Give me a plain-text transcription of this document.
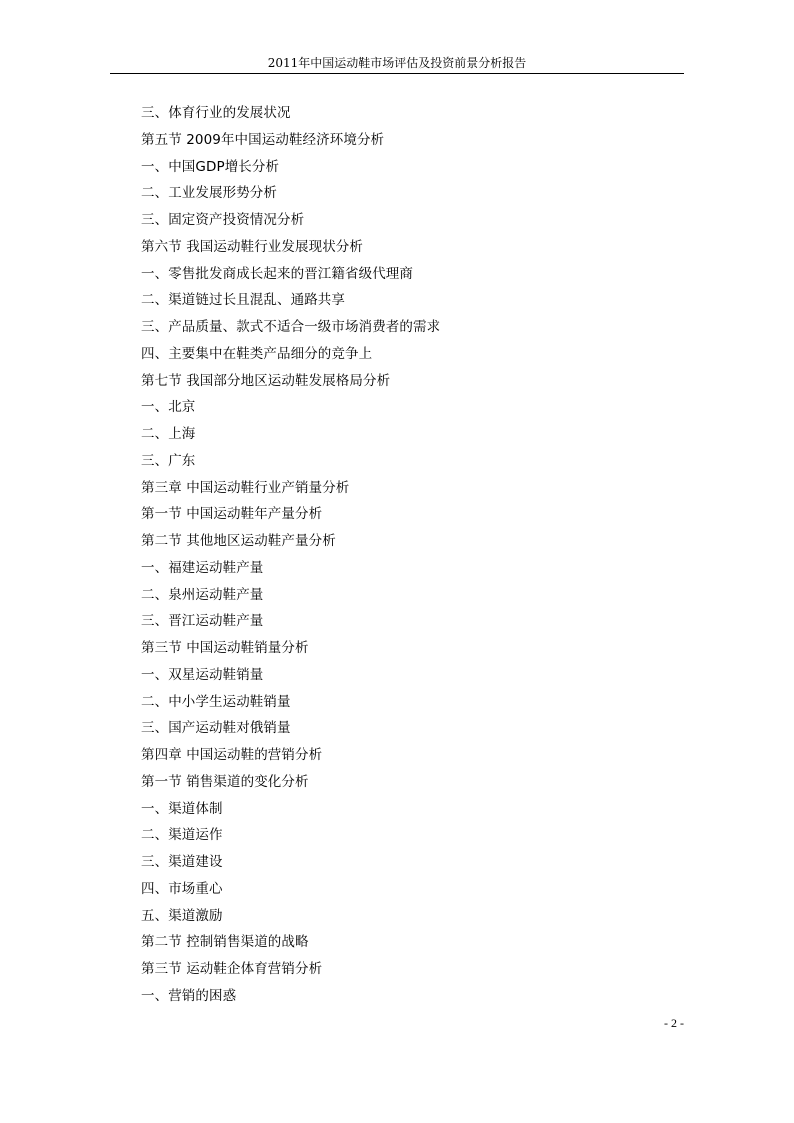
2011年中国运动鞋市场评估及投资前景分析报告
三、体育行业的发展状况
第五节 2009年中国运动鞋经济环境分析
一、中国GDP增长分析
二、工业发展形势分析
三、固定资产投资情况分析
第六节 我国运动鞋行业发展现状分析
一、零售批发商成长起来的晋江籍省级代理商
二、渠道链过长且混乱、通路共享
三、产品质量、款式不适合一级市场消费者的需求
四、主要集中在鞋类产品细分的竞争上
第七节 我国部分地区运动鞋发展格局分析
一、北京
二、上海
三、广东
第三章 中国运动鞋行业产销量分析
第一节 中国运动鞋年产量分析
第二节 其他地区运动鞋产量分析
一、福建运动鞋产量
二、泉州运动鞋产量
三、晋江运动鞋产量
第三节 中国运动鞋销量分析
一、双星运动鞋销量
二、中小学生运动鞋销量
三、国产运动鞋对俄销量
第四章 中国运动鞋的营销分析
第一节 销售渠道的变化分析
一、渠道体制
二、渠道运作
三、渠道建设
四、市场重心
五、渠道激励
第二节 控制销售渠道的战略
第三节 运动鞋企体育营销分析
一、营销的困惑
- 2 -
